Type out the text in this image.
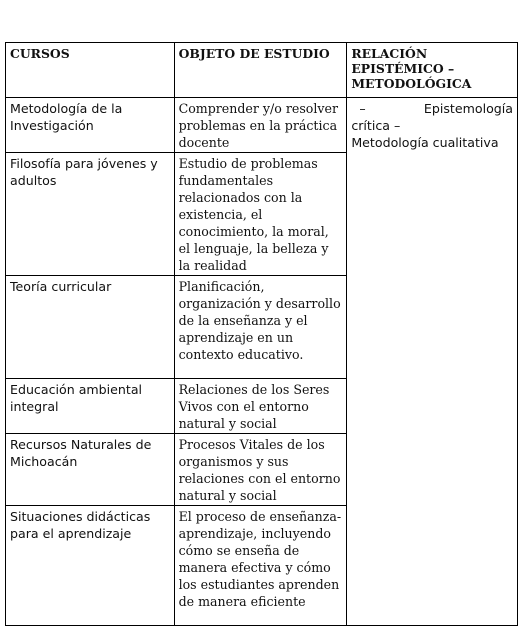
CURSOS	OBJETO DE ESTUDIO	RELACIÓN EPISTÉMICO – METODOLÓGICA
Metodología de la Investigación	Comprender y/o resolver problemas en la práctica docente	– Epistemología
crítica –
Metodología cualitativa

Filosofía para jóvenes y adultos	Estudio de problemas fundamentales relacionados con la existencia, el conocimiento, la moral, el lenguaje, la belleza y la realidad	
Teoría curricular	Planificación, organización y desarrollo de la enseñanza y el aprendizaje en un contexto educativo.	
Educación ambiental integral	Relaciones de los Seres Vivos con el entorno natural y social	
Recursos Naturales de Michoacán	Procesos Vitales de los organismos y sus relaciones con el entorno natural y social	
Situaciones didácticas para el aprendizaje	El proceso de enseñanza-aprendizaje, incluyendo cómo se enseña de manera efectiva y cómo los estudiantes aprenden de manera eficiente	
